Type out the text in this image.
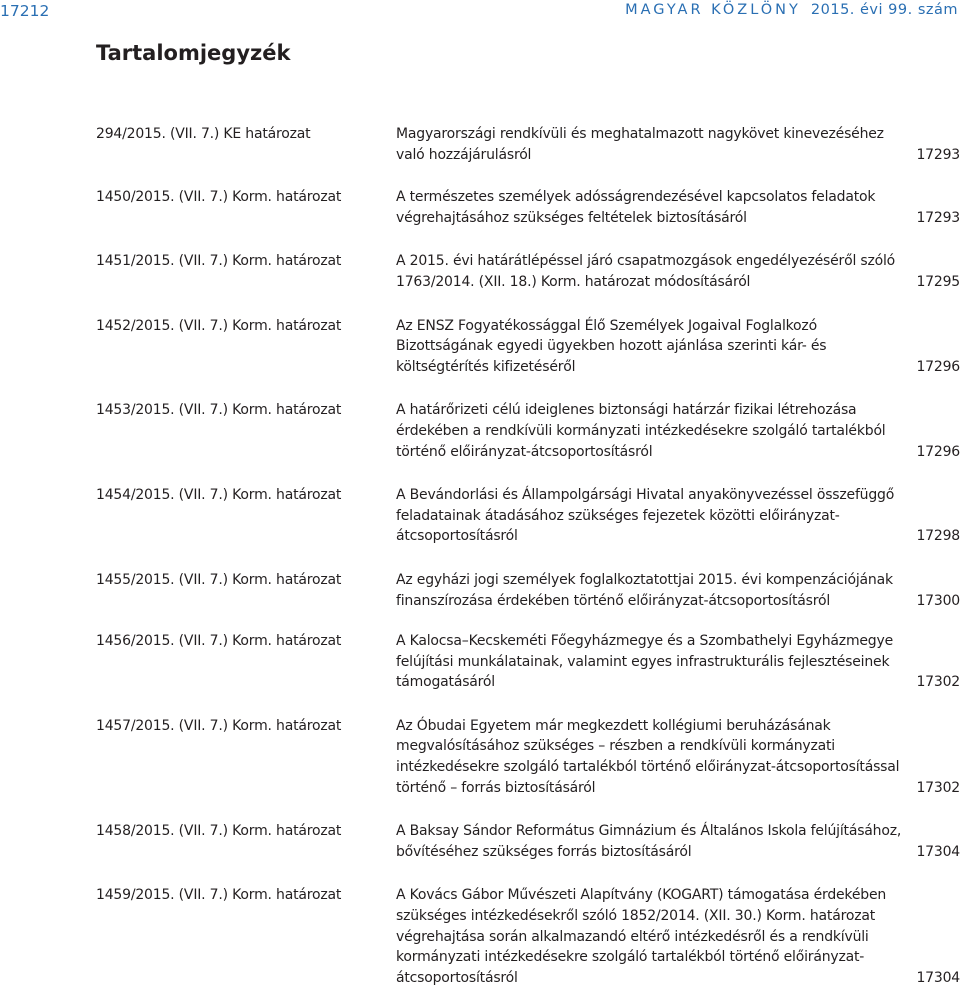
17212	MAGYAR KÖZLÖNY 2015. évi 99. szám
Tartalomjegyzék
294/2015. (VII. 7.) KE határozat	Magyarországi rendkívüli és meghatalmazott nagykövet kinevezéséhez való hozzájárulásról	17293
1450/2015. (VII. 7.) Korm. határozat	A természetes személyek adósságrendezésével kapcsolatos feladatok végrehajtásához szükséges feltételek biztosításáról	17293
1451/2015. (VII. 7.) Korm. határozat	A 2015. évi határátlépéssel járó csapatmozgások engedélyezéséről szóló 1763/2014. (XII. 18.) Korm. határozat módosításáról	17295
1452/2015. (VII. 7.) Korm. határozat	Az ENSZ Fogyatékossággal Élő Személyek Jogaival Foglalkozó Bizottságának egyedi ügyekben hozott ajánlása szerinti kár- és költségtérítés kifizetéséről	17296
1453/2015. (VII. 7.) Korm. határozat	A határőrizeti célú ideiglenes biztonsági határzár fizikai létrehozása érdekében a rendkívüli kormányzati intézkedésekre szolgáló tartalékból történő előirányzat-átcsoportosításról	17296
1454/2015. (VII. 7.) Korm. határozat	A Bevándorlási és Állampolgársági Hivatal anyakönyvezéssel összefüggő feladatainak átadásához szükséges fejezetek közötti előirányzat-átcsoportosításról	17298
1455/2015. (VII. 7.) Korm. határozat	Az egyházi jogi személyek foglalkoztatottjai 2015. évi kompenzációjának finanszírozása érdekében történő előirányzat-átcsoportosításról	17300
1456/2015. (VII. 7.) Korm. határozat	A Kalocsa–Kecskeméti Főegyházmegye és a Szombathelyi Egyházmegye felújítási munkálatainak, valamint egyes infrastrukturális fejlesztéseinek támogatásáról	17302
1457/2015. (VII. 7.) Korm. határozat	Az Óbudai Egyetem már megkezdett kollégiumi beruházásának megvalósításához szükséges – részben a rendkívüli kormányzati intézkedésekre szolgáló tartalékból történő előirányzat-átcsoportosítással történő – forrás biztosításáról	17302
1458/2015. (VII. 7.) Korm. határozat	A Baksay Sándor Református Gimnázium és Általános Iskola felújításához, bővítéséhez szükséges forrás biztosításáról	17304
1459/2015. (VII. 7.) Korm. határozat	A Kovács Gábor Művészeti Alapítvány (KOGART) támogatása érdekében szükséges intézkedésekről szóló 1852/2014. (XII. 30.) Korm. határozat végrehajtása során alkalmazandó eltérő intézkedésről és a rendkívüli kormányzati intézkedésekre szolgáló tartalékból történő előirányzat-átcsoportosításról	17304
